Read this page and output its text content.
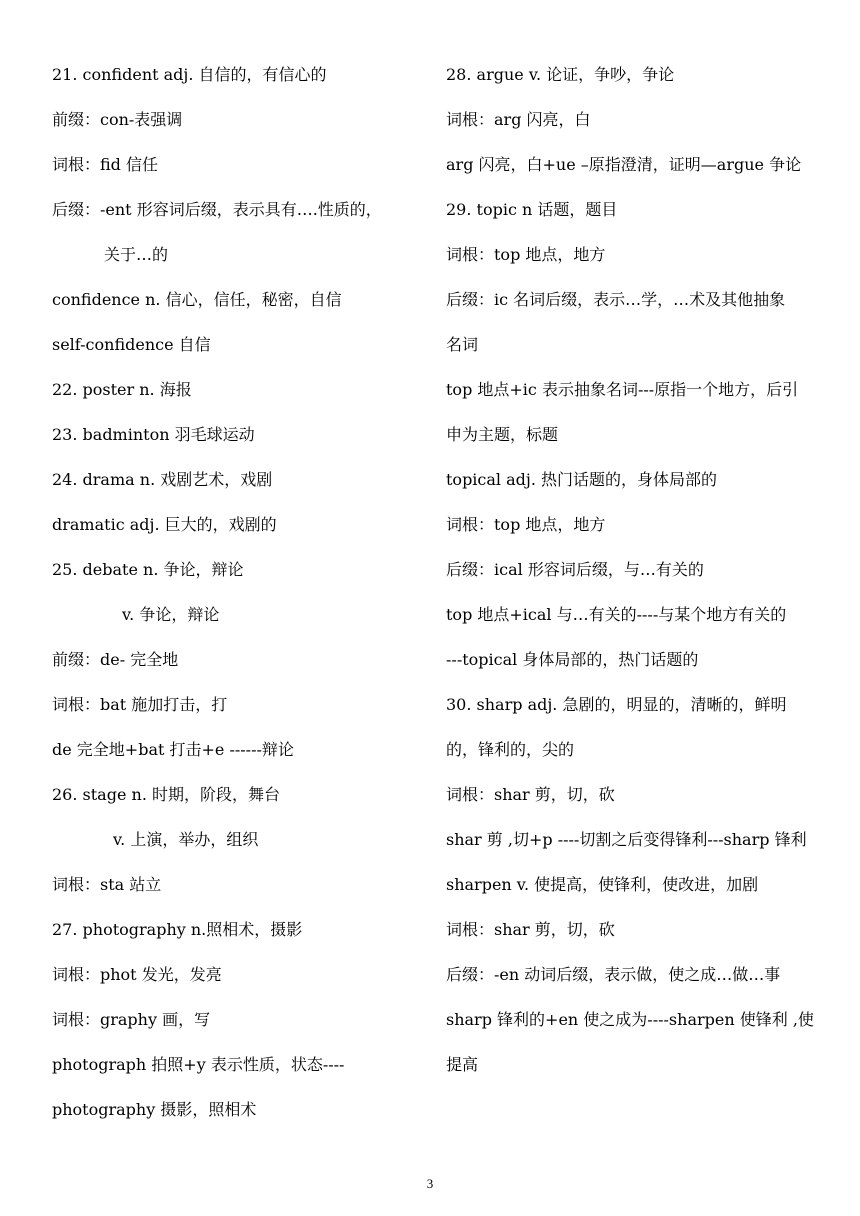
21. confident adj. 自信的，有信心的
前缀：con-表强调
词根：fid 信任
后缀：-ent 形容词后缀，表示具有….性质的，
关于…的
confidence n. 信心，信任，秘密，自信
self-confidence 自信
22. poster n. 海报
23. badminton 羽毛球运动
24. drama n. 戏剧艺术，戏剧
dramatic adj. 巨大的，戏剧的
25. debate n. 争论，辩论
v. 争论，辩论
前缀：de- 完全地
词根：bat 施加打击，打
de 完全地+bat 打击+e ------辩论
26. stage n. 时期，阶段，舞台
v. 上演，举办，组织
词根：sta 站立
27. photography n.照相术，摄影
词根：phot 发光，发亮
词根：graphy 画，写
photograph 拍照+y 表示性质，状态----
photography 摄影，照相术
28. argue v. 论证，争吵，争论
词根：arg 闪亮，白
arg 闪亮，白+ue –原指澄清，证明—argue 争论
29. topic n 话题，题目
词根：top 地点，地方
后缀：ic 名词后缀，表示…学，…术及其他抽象
名词
top 地点+ic 表示抽象名词---原指一个地方，后引
申为主题，标题
topical adj. 热门话题的，身体局部的
词根：top 地点，地方
后缀：ical 形容词后缀，与…有关的
top 地点+ical 与…有关的----与某个地方有关的
---topical 身体局部的，热门话题的
30. sharp adj. 急剧的，明显的，清晰的，鲜明
的，锋利的，尖的
词根：shar 剪，切，砍
shar 剪 ,切+p ----切割之后变得锋利---sharp 锋利
sharpen v. 使提高，使锋利，使改进，加剧
词根：shar 剪，切，砍
后缀：-en 动词后缀，表示做，使之成…做…事
sharp 锋利的+en 使之成为----sharpen 使锋利 ,使
提高
3
